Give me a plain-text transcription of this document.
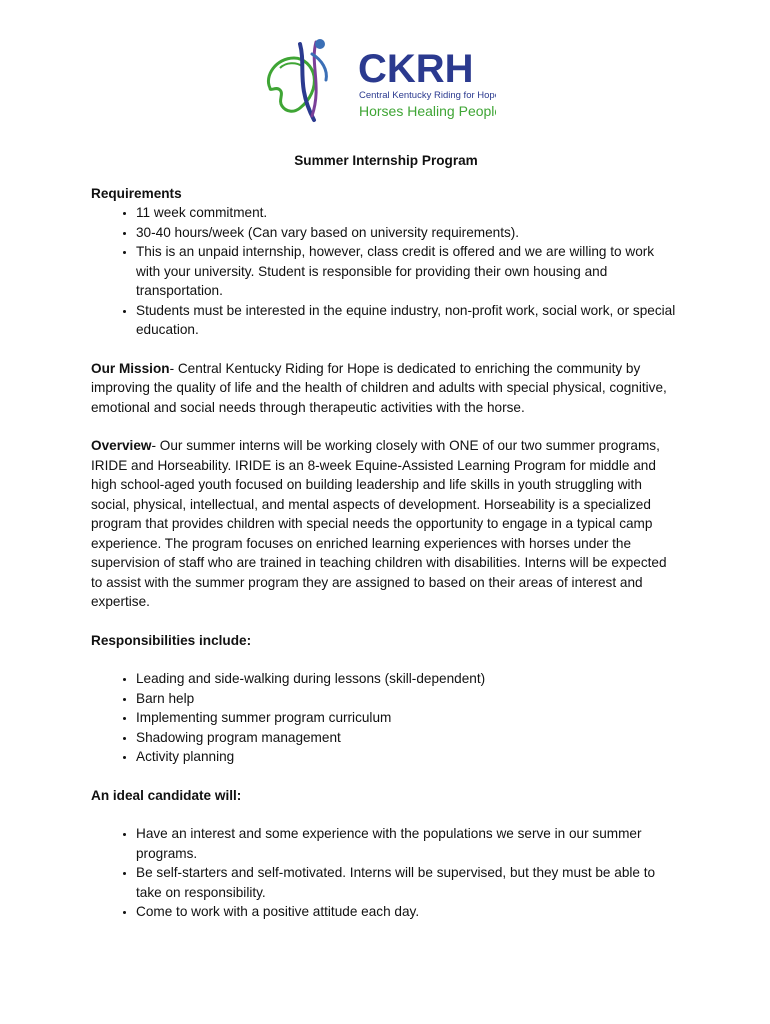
CKRH
Central Kentucky Riding for Hope
Horses Healing People

Summer Internship Program

Requirements

• 11 week commitment.
• 30-40 hours/week (Can vary based on university requirements).
• This is an unpaid internship, however, class credit is offered and we are willing to work with your university. Student is responsible for providing their own housing and transportation.
• Students must be interested in the equine industry, non-profit work, social work, or special education.

Our Mission- Central Kentucky Riding for Hope is dedicated to enriching the community by improving the quality of life and the health of children and adults with special physical, cognitive, emotional and social needs through therapeutic activities with the horse.

Overview- Our summer interns will be working closely with ONE of our two summer programs, IRIDE and Horseability. IRIDE is an 8-week Equine-Assisted Learning Program for middle and high school-aged youth focused on building leadership and life skills in youth struggling with social, physical, intellectual, and mental aspects of development. Horseability is a specialized program that provides children with special needs the opportunity to engage in a typical camp experience. The program focuses on enriched learning experiences with horses under the supervision of staff who are trained in teaching children with disabilities. Interns will be expected to assist with the summer program they are assigned to based on their areas of interest and expertise.

Responsibilities include:

• Leading and side-walking during lessons (skill-dependent)
• Barn help
• Implementing summer program curriculum
• Shadowing program management
• Activity planning

An ideal candidate will:

• Have an interest and some experience with the populations we serve in our summer programs.
• Be self-starters and self-motivated. Interns will be supervised, but they must be able to take on responsibility.
• Come to work with a positive attitude each day.
